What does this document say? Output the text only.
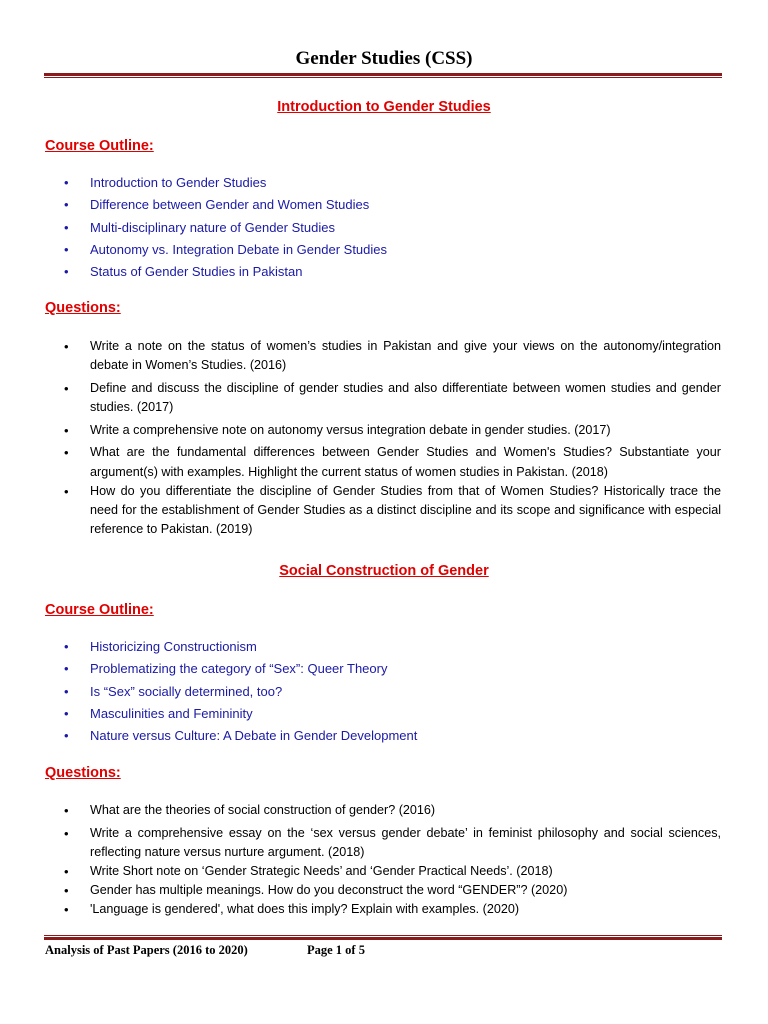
Gender Studies (CSS)
Introduction to Gender Studies
Course Outline:
• Introduction to Gender Studies
• Difference between Gender and Women Studies
• Multi-disciplinary nature of Gender Studies
• Autonomy vs. Integration Debate in Gender Studies
• Status of Gender Studies in Pakistan
Questions:
• Write a note on the status of women’s studies in Pakistan and give your views on the autonomy/integration debate in Women’s Studies. (2016)
• Define and discuss the discipline of gender studies and also differentiate between women studies and gender studies. (2017)
• Write a comprehensive note on autonomy versus integration debate in gender studies. (2017)
• What are the fundamental differences between Gender Studies and Women's Studies? Substantiate your argument(s) with examples. Highlight the current status of women studies in Pakistan. (2018)
• How do you differentiate the discipline of Gender Studies from that of Women Studies? Historically trace the need for the establishment of Gender Studies as a distinct discipline and its scope and significance with especial reference to Pakistan. (2019)
Social Construction of Gender
Course Outline:
• Historicizing Constructionism
• Problematizing the category of “Sex”: Queer Theory
• Is “Sex” socially determined, too?
• Masculinities and Femininity
• Nature versus Culture: A Debate in Gender Development
Questions:
• What are the theories of social construction of gender? (2016)
• Write a comprehensive essay on the ‘sex versus gender debate’ in feminist philosophy and social sciences, reflecting nature versus nurture argument. (2018)
• Write Short note on ‘Gender Strategic Needs’ and ‘Gender Practical Needs’. (2018)
• Gender has multiple meanings. How do you deconstruct the word “GENDER”? (2020)
• 'Language is gendered', what does this imply? Explain with examples. (2020)
Analysis of Past Papers (2016 to 2020)	Page 1 of 5
